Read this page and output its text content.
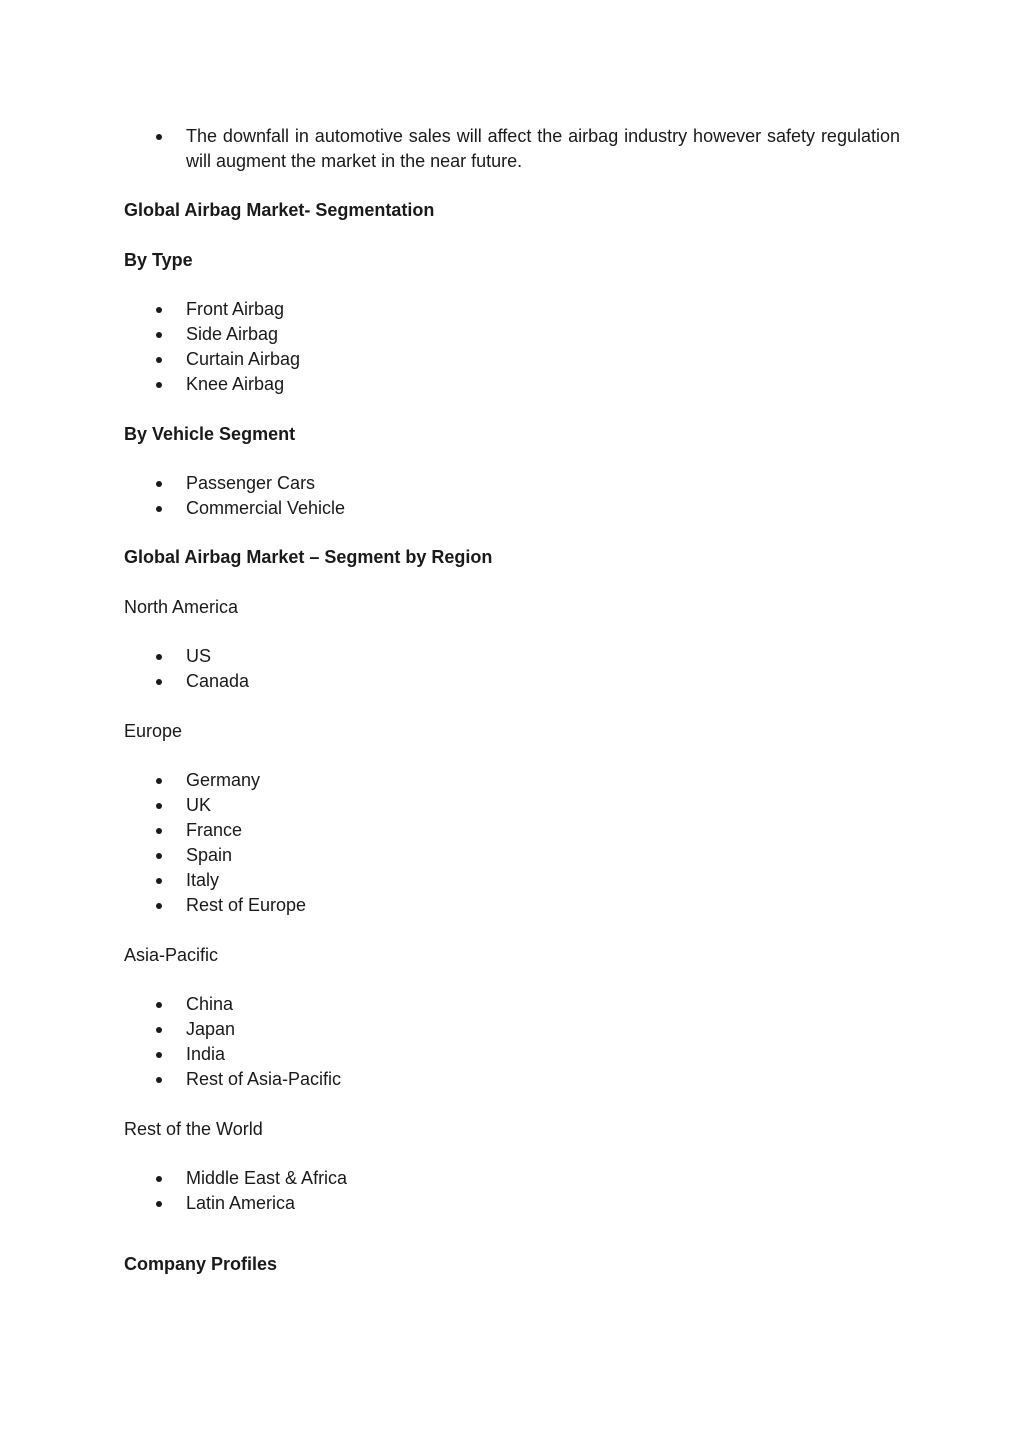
The downfall in automotive sales will affect the airbag industry however safety regulation will augment the market in the near future.

Global Airbag Market- Segmentation
By Type
Front Airbag
Side Airbag
Curtain Airbag
Knee Airbag
By Vehicle Segment
Passenger Cars
Commercial Vehicle
Global Airbag Market – Segment by Region
North America
US
Canada
Europe
Germany
UK
France
Spain
Italy
Rest of Europe
Asia-Pacific
China
Japan
India
Rest of Asia-Pacific
Rest of the World
Middle East & Africa
Latin America
Company Profiles
